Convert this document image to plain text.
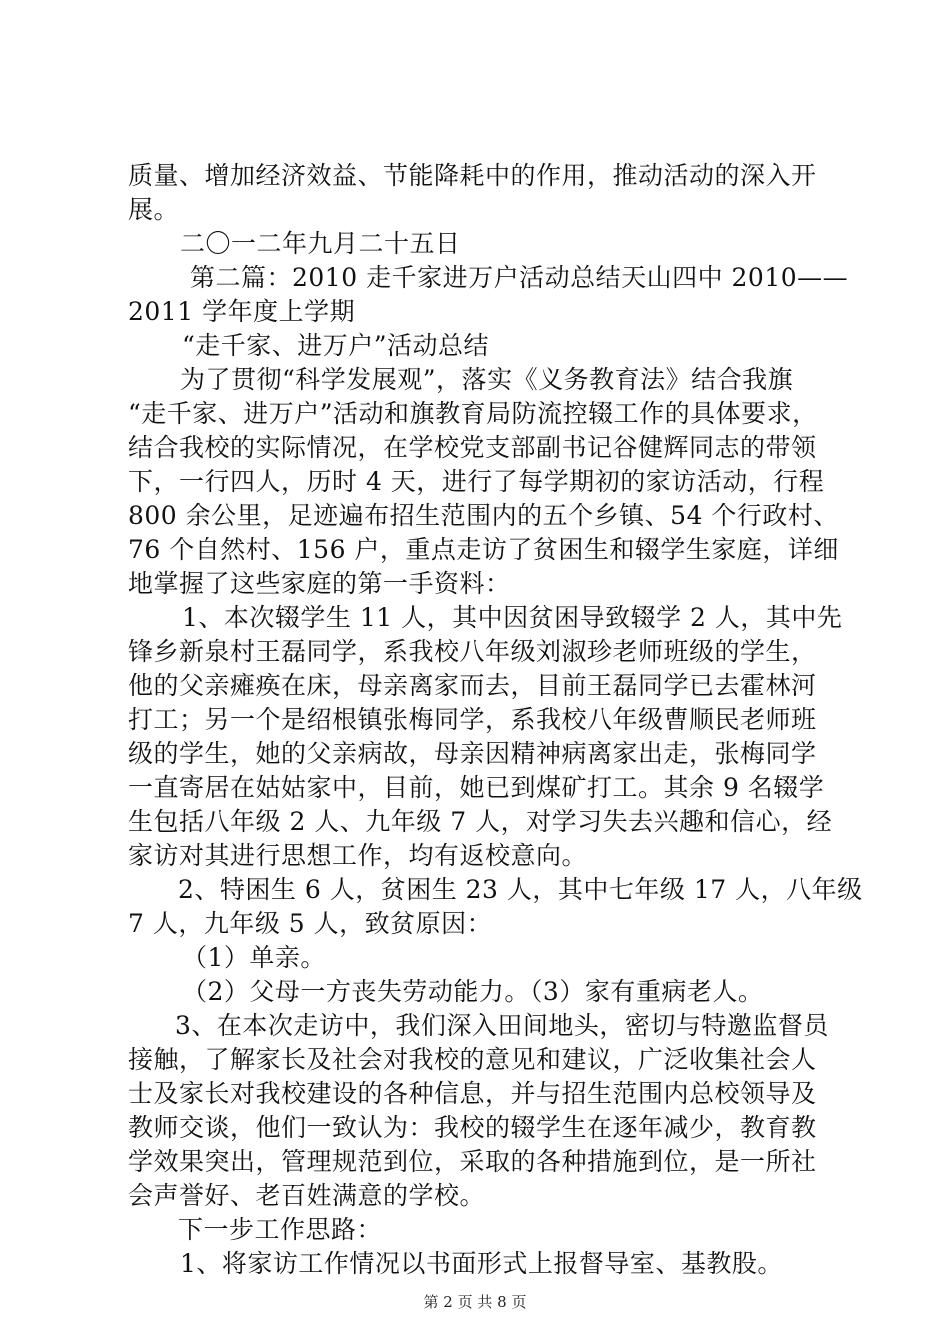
质量、增加经济效益、节能降耗中的作用，推动活动的深入开
展。
二〇一二年九月二十五日
第二篇：2010 走千家进万户活动总结天山四中 2010——
2011 学年度上学期
“走千家、进万户”活动总结
为了贯彻“科学发展观”，落实《义务教育法》结合我旗
“走千家、进万户”活动和旗教育局防流控辍工作的具体要求，
结合我校的实际情况，在学校党支部副书记谷健辉同志的带领
下，一行四人，历时 4 天，进行了每学期初的家访活动，行程
800 余公里，足迹遍布招生范围内的五个乡镇、54 个行政村、
76 个自然村、156 户，重点走访了贫困生和辍学生家庭，详细
地掌握了这些家庭的第一手资料：
1、本次辍学生 11 人，其中因贫困导致辍学 2 人，其中先
锋乡新泉村王磊同学，系我校八年级刘淑珍老师班级的学生，
他的父亲瘫痪在床，母亲离家而去，目前王磊同学已去霍林河
打工；另一个是绍根镇张梅同学，系我校八年级曹顺民老师班
级的学生，她的父亲病故，母亲因精神病离家出走，张梅同学
一直寄居在姑姑家中，目前，她已到煤矿打工。其余 9 名辍学
生包括八年级 2 人、九年级 7 人，对学习失去兴趣和信心，经
家访对其进行思想工作，均有返校意向。
2、特困生 6 人，贫困生 23 人，其中七年级 17 人，八年级
7 人，九年级 5 人，致贫原因：
（1）单亲。
（2）父母一方丧失劳动能力。（3）家有重病老人。
3、在本次走访中，我们深入田间地头，密切与特邀监督员
接触，了解家长及社会对我校的意见和建议，广泛收集社会人
士及家长对我校建设的各种信息，并与招生范围内总校领导及
教师交谈，他们一致认为：我校的辍学生在逐年减少，教育教
学效果突出，管理规范到位，采取的各种措施到位，是一所社
会声誉好、老百姓满意的学校。
下一步工作思路：
1、将家访工作情况以书面形式上报督导室、基教股。
第 2 页 共 8 页
